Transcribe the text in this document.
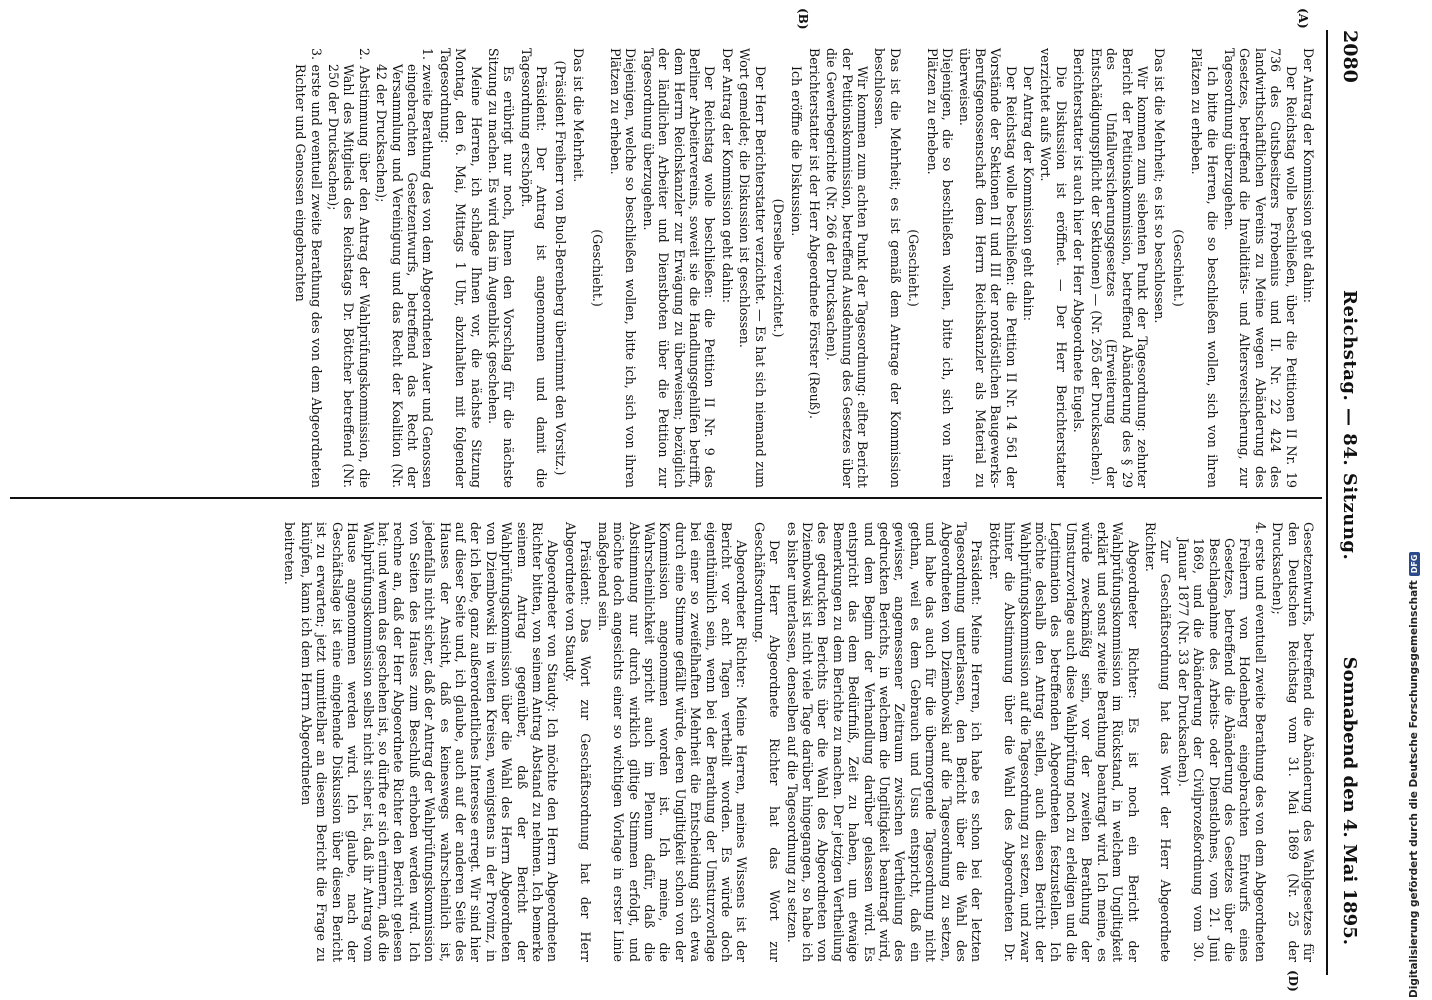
2080
Reichstag. — 84. Sitzung.
Sonnabend den 4. Mai 1895.
(A)
(B)
(D)

Der Antrag der Kommission geht dahin:

Der Reichstag wolle beschließen, über die Petitionen II Nr. 19 736 des Gutsbesitzers Frobenius und II. Nr. 22 424 des landwirthschaftlichen Vereins zu Meine wegen Abänderung des Gesetzes, betreffend die Invaliditäts- und Altersversicherung, zur Tagesordnung überzugehen.

Ich bitte die Herren, die so beschließen wollen, sich von ihren Plätzen zu erheben.

(Geschieht.)

Das ist die Mehrheit; es ist so beschlossen.

Wir kommen zum siebenten Punkt der Tagesordnung: zehnter Bericht der Petitionskommission, betreffend Abänderung des § 29 des Unfallversicherungsgesetzes (Erweiterung der Entschädigungspflicht der Sektionen) — (Nr. 265 der Drucksachen).

Berichterstatter ist auch hier der Herr Abgeordnete Eugels.

Die Diskussion ist eröffnet. — Der Herr Berichterstatter verzichtet aufs Wort.

Der Antrag der Kommission geht dahin:

Der Reichstag wolle beschließen: die Petition II Nr. 14 561 der Vorstände der Sektionen II und III der nordöstlichen Baugewerks-Berufsgenossenschaft dem Herrn Reichskanzler als Material zu überweisen.

Diejenigen, die so beschließen wollen, bitte ich, sich von ihren Plätzen zu erheben.

(Geschieht.)

Das ist die Mehrheit; es ist gemäß dem Antrage der Kommission beschlossen.

Wir kommen zum achten Punkt der Tagesordnung: elfter Bericht der Petitionskommission, betreffend Ausdehnung des Gesetzes über die Gewerbegerichte (Nr. 266 der Drucksachen).

Berichterstatter ist der Herr Abgeordnete Förster (Reuß).

Ich eröffne die Diskussion.

(Derselbe verzichtet.)

Der Herr Berichterstatter verzichtet. — Es hat sich niemand zum Wort gemeldet; die Diskussion ist geschlossen.

Der Antrag der Kommission geht dahin:

Der Reichstag wolle beschließen: die Petition II Nr. 9 des Berliner Arbeitervereins, soweit sie die Handlungsgehilfen betrifft, dem Herrn Reichskanzler zur Erwägung zu überweisen; bezüglich der ländlichen Arbeiter und Dienstboten über die Petition zur Tagesordnung überzugehen.

Diejenigen, welche so beschließen wollen, bitte ich, sich von ihren Plätzen zu erheben.

(Geschieht.)

Das ist die Mehrheit.

(Präsident Freiherr von Buol-Berenberg übernimmt den Vorsitz.)

Präsident: Der Antrag ist angenommen und damit die Tagesordnung erschöpft.

Es erübrigt nur noch, Ihnen den Vorschlag für die nächste Sitzung zu machen. Es wird das im Augenblick geschehen.

Meine Herren, ich schlage Ihnen vor, die nächste Sitzung Montag, den 6. Mai, Mittags 1 Uhr, abzuhalten mit folgender Tagesordnung:

1. zweite Berathung des von dem Abgeordneten Auer und Genossen eingebrachten Gesetzentwurfs, betreffend das Recht der Versammlung und Vereinigung und das Recht der Koalition (Nr. 42 der Drucksachen);

2. Abstimmung über den Antrag der Wahlprüfungskommission, die Wahl des Mitglieds des Reichstags Dr. Böttcher betreffend (Nr. 250 der Drucksachen);

3. erste und eventuell zweite Berathung des von dem Abgeordneten Richter und Genossen eingebrachten

Gesetzentwurfs, betreffend die Abänderung des Wahlgesetzes für den Deutschen Reichstag vom 31. Mai 1869 (Nr. 25 der Drucksachen);

4. erste und eventuell zweite Berathung des von dem Abgeordneten Freiherrn von Hodenberg eingebrachten Entwurfs eines Gesetzes, betreffend die Abänderung des Gesetzes über die Beschlagnahme des Arbeits- oder Dienstlohnes, vom 21. Juni 1869, und die Abänderung der Civilprozeßordnung vom 30. Januar 1877 (Nr. 33 der Drucksachen).

Zur Geschäftsordnung hat das Wort der Herr Abgeordnete Richter.

Abgeordneter Richter: Es ist noch ein Bericht der Wahlprüfungskommission im Rückstand, in welchem Ungiltigkeit erklärt und sonst zweite Berathung beantragt wird. Ich meine, es würde zweckmäßig sein, vor der zweiten Berathung der Umsturzvorlage auch diese Wahlprüfung noch zu erledigen und die Legitimation des betreffenden Abgeordneten festzustellen. Ich möchte deshalb den Antrag stellen, auch diesen Bericht der Wahlprüfungskommission auf die Tagesordnung zu setzen, und zwar hinter die Abstimmung über die Wahl des Abgeordneten Dr. Böttcher.

Präsident: Meine Herren, ich habe es schon bei der letzten Tagesordnung unterlassen, den Bericht über die Wahl des Abgeordneten von Dziembowski auf die Tagesordnung zu setzen, und habe das auch für die übermorgende Tagesordnung nicht gethan, weil es dem Gebrauch und Usus entspricht, daß ein gewisser, angemessener Zeitraum zwischen Vertheilung des gedruckten Berichts, in welchem die Ungiltigkeit beantragt wird, und dem Beginn der Verhandlung darüber gelassen wird. Es entspricht das dem Bedürfniß, Zeit zu haben, um etwaige Bemerkungen zu dem Berichte zu machen. Der jetzigen Vertheilung des gedruckten Berichts über die Wahl des Abgeordneten von Dziembowski ist nicht viele Tage darüber hingegangen, so habe ich es bisher unterlassen, denselben auf die Tagesordnung zu setzen.

Der Herr Abgeordnete Richter hat das Wort zur Geschäftsordnung.

Abgeordneter Richter: Meine Herren, meines Wissens ist der Bericht vor acht Tagen vertheilt worden. Es würde doch eigenthümlich sein, wenn bei der Berathung der Umsturzvorlage bei einer so zweifelhaften Mehrheit die Entscheidung sich etwa durch eine Stimme gefällt würde, deren Ungiltigkeit schon von der Kommission angenommen worden ist. Ich meine, die Wahrscheinlichkeit spricht auch im Plenum dafür, daß die Abstimmung nur durch wirklich giltige Stimmen erfolgt, und möchte doch angesichts einer so wichtigen Vorlage in erster Linie maßgebend sein.

Präsident: Das Wort zur Geschäftsordnung hat der Herr Abgeordnete von Staudy.

Abgeordneter von Staudy: Ich möchte den Herrn Abgeordneten Richter bitten, von seinem Antrag Abstand zu nehmen. Ich bemerke seinem Antrag gegenüber, daß der Bericht der Wahlprüfungskommission über die Wahl des Herrn Abgeordneten von Dziembowski in weiten Kreisen, wenigstens in der Provinz, in der ich lebe, ganz außerordentliches Interesse erregt. Wir sind hier auf dieser Seite und, ich glaube, auch auf der anderen Seite des Hauses der Ansicht, daß es keineswegs wahrscheinlich ist, jedenfalls nicht sicher, daß der Antrag der Wahlprüfungskommission von Seiten des Hauses zum Beschluß erhoben werden wird. Ich rechne an, daß der Herr Abgeordnete Richter den Bericht gelesen hat; und wenn das geschehen ist, so dürfte er sich erinnern, daß die Wahlprüfungskommission selbst nicht sicher ist, daß ihr Antrag vom Hause angenommen werden wird. Ich glaube, nach der Geschäftslage ist eine eingehende Diskussion über diesen Bericht ist zu erwarten; jetzt unmittelbar an diesem Bericht die Frage zu knüpfen, kann ich dem Herrn Abgeordneten

beitreten.

Digitalisierung gefördert durch die Deutsche Forschungsgemeinschaft
DFG
